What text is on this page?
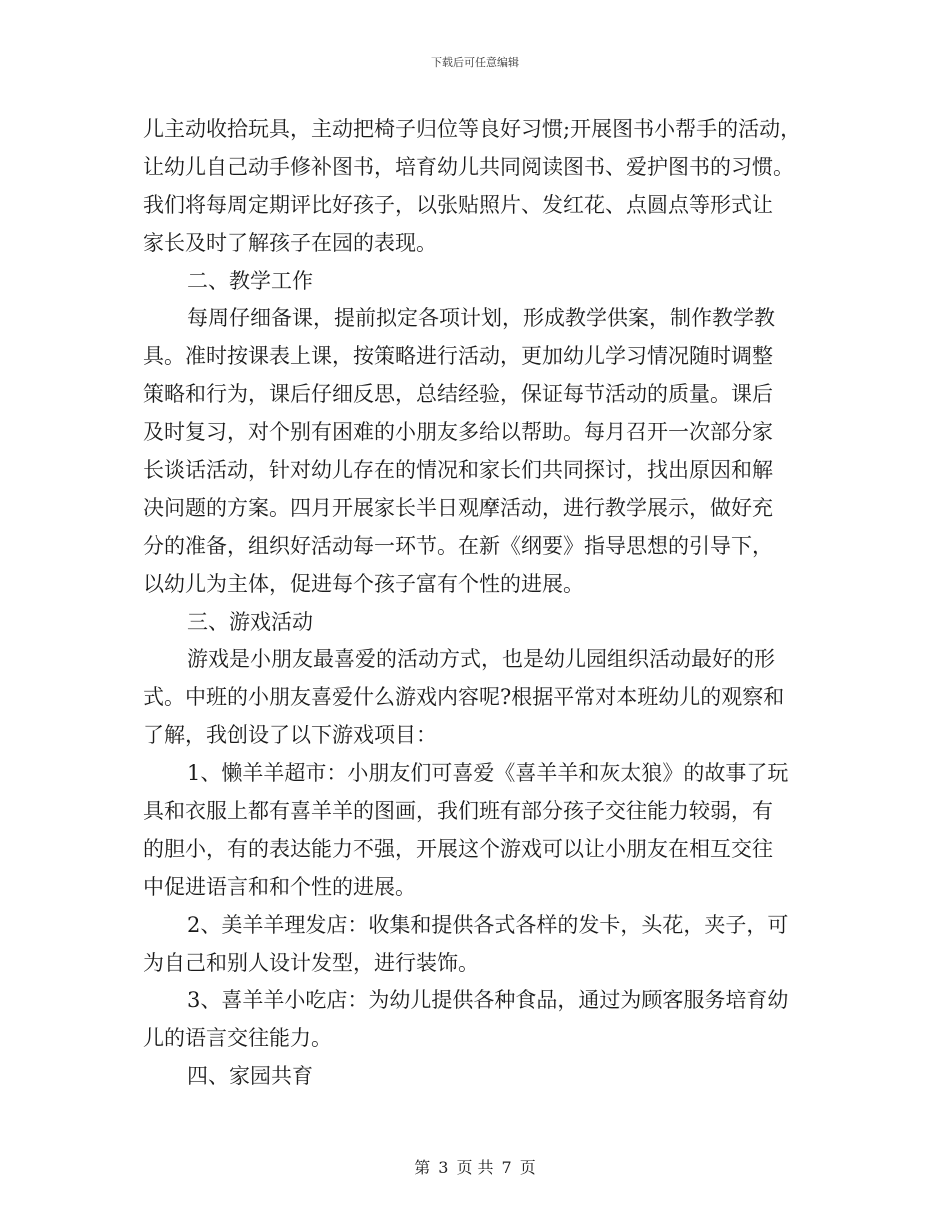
下载后可任意编辑
儿主动收拾玩具，主动把椅子归位等良好习惯;开展图书小帮手的活动，
让幼儿自己动手修补图书，培育幼儿共同阅读图书、爱护图书的习惯。
我们将每周定期评比好孩子，以张贴照片、发红花、点圆点等形式让
家长及时了解孩子在园的表现。
二、教学工作
每周仔细备课，提前拟定各项计划，形成教学供案，制作教学教
具。准时按课表上课，按策略进行活动，更加幼儿学习情况随时调整
策略和行为，课后仔细反思，总结经验，保证每节活动的质量。课后
及时复习，对个别有困难的小朋友多给以帮助。每月召开一次部分家
长谈话活动，针对幼儿存在的情况和家长们共同探讨，找出原因和解
决问题的方案。四月开展家长半日观摩活动，进行教学展示，做好充
分的准备，组织好活动每一环节。在新《纲要》指导思想的引导下，
以幼儿为主体，促进每个孩子富有个性的进展。
三、游戏活动
游戏是小朋友最喜爱的活动方式，也是幼儿园组织活动最好的形
式。中班的小朋友喜爱什么游戏内容呢?根据平常对本班幼儿的观察和
了解，我创设了以下游戏项目：
1、懒羊羊超市：小朋友们可喜爱《喜羊羊和灰太狼》的故事了玩
具和衣服上都有喜羊羊的图画，我们班有部分孩子交往能力较弱，有
的胆小，有的表达能力不强，开展这个游戏可以让小朋友在相互交往
中促进语言和和个性的进展。
2、美羊羊理发店：收集和提供各式各样的发卡，头花，夹子，可
为自己和别人设计发型，进行装饰。
3、喜羊羊小吃店：为幼儿提供各种食品，通过为顾客服务培育幼
儿的语言交往能力。
四、家园共育
第 3 页 共 7 页
